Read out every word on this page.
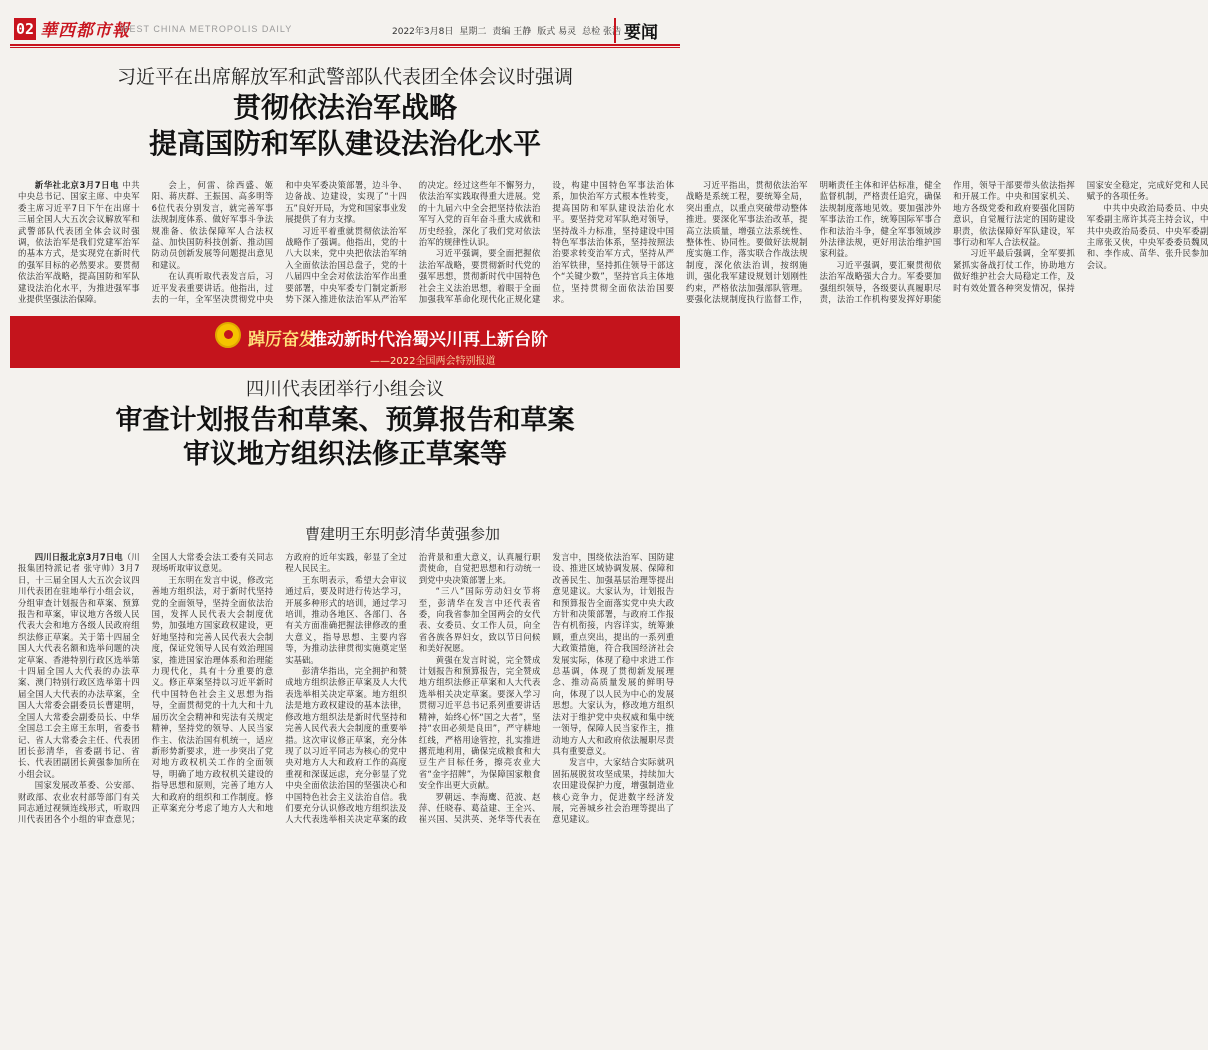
02 華西都市報
WEST CHINA METROPOLIS DAILY	2022年3月8日 星期二 责编 王静 版式 易灵 总检 张浩 要闻
习近平在出席解放军和武警部队代表团全体会议时强调
贯彻依法治军战略
提高国防和军队建设法治化水平

新华社北京3月7日电 中共中央总书记、国家主席、中央军委主席习近平7日下午在出席十三届全国人大五次会议解放军和武警部队代表团全体会议时强调，依法治军是我们党建军治军的基本方式，是实现党在新时代的强军目标的必然要求。要贯彻依法治军战略，提高国防和军队建设法治化水平，为推进强军事业提供坚强法治保障。

会上，何雷、徐西盛、姬阳、蒋庆群、王振国、高多明等6位代表分别发言，就完善军事法规制度体系、做好军事斗争法规准备、依法保障军人合法权益、加快国防科技创新、推动国防动员创新发展等问题提出意见和建议。

在认真听取代表发言后，习近平发表重要讲话。他指出，过去的一年，全军坚决贯彻党中央和中央军委决策部署，边斗争、边备战、边建设，实现了“十四五”良好开局，为党和国家事业发展提供了有力支撑。

习近平着重就贯彻依法治军战略作了强调。他指出，党的十八大以来，党中央把依法治军纳入全面依法治国总盘子，党的十八届四中全会对依法治军作出重要部署，中央军委专门制定新形势下深入推进依法治军从严治军的决定。经过这些年不懈努力，依法治军实践取得重大进展。党的十九届六中全会把坚持依法治军写入党的百年奋斗重大成就和历史经验，深化了我们党对依法治军的规律性认识。

习近平强调，要全面把握依法治军战略，要贯彻新时代党的强军思想，贯彻新时代中国特色社会主义法治思想，着眼于全面加强我军革命化现代化正规化建设，构建中国特色军事法治体系，加快治军方式根本性转变，提高国防和军队建设法治化水平。要坚持党对军队绝对领导，坚持战斗力标准，坚持建设中国特色军事法治体系，坚持按照法治要求转变治军方式，坚持从严治军铁律，坚持抓住领导干部这个“关键少数”，坚持官兵主体地位，坚持贯彻全面依法治国要求。

习近平指出，贯彻依法治军战略是系统工程，要统筹全局，突出重点，以重点突破带动整体推进。要深化军事法治改革，提高立法质量，增强立法系统性、整体性、协同性。要做好法规制度实施工作，落实联合作战法规制度，深化依法治训，按纲施训，强化我军建设规划计划刚性约束，严格依法加强部队管理。要强化法规制度执行监督工作，明晰责任主体和评估标准，健全监督机制，严格责任追究，确保法规制度落地见效。要加强涉外军事法治工作，统筹国际军事合作和法治斗争，健全军事领域涉外法律法规，更好用法治维护国家利益。

习近平强调，要汇聚贯彻依法治军战略强大合力。军委要加强组织领导，各级要认真履职尽责，法治工作机构要发挥好职能作用，领导干部要带头依法指挥和开展工作。中央和国家机关、地方各级党委和政府要强化国防意识，自觉履行法定的国防建设职责，依法保障好军队建设，军事行动和军人合法权益。

习近平最后强调，全军要抓紧抓实备战打仗工作，协助地方做好维护社会大局稳定工作，及时有效处置各种突发情况，保持国家安全稳定，完成好党和人民赋予的各项任务。

中共中央政治局委员、中央军委副主席许其亮主持会议，中共中央政治局委员、中央军委副主席张又侠，中央军委委员魏凤和、李作成、苗华、张升民参加会议。

踔厉奋发
推动新时代治蜀兴川再上新台阶
——2022全国两会特别报道
四川代表团举行小组会议
审查计划报告和草案、预算报告和草案
审议地方组织法修正草案等
曹建明王东明彭清华黄强参加

四川日报北京3月7日电（川报集团特派记者 张守帅）3月7日，十三届全国人大五次会议四川代表团在驻地举行小组会议，分组审查计划报告和草案、预算报告和草案，审议地方各级人民代表大会和地方各级人民政府组织法修正草案。关于第十四届全国人大代表名额和选举问题的决定草案、香港特别行政区选举第十四届全国人大代表的办法草案、澳门特别行政区选举第十四届全国人大代表的办法草案，全国人大常委会副委员长曹建明，全国人大常委会副委员长、中华全国总工会主席王东明，省委书记、省人大常委会主任、代表团团长彭清华，省委副书记、省长、代表团副团长黄强参加所在小组会议。

国家发展改革委、公安部、财政部、农业农村部等部门有关同志通过视频连线形式，听取四川代表团各个小组的审查意见；全国人大常委会法工委有关同志现场听取审议意见。

王东明在发言中说，修改完善地方组织法，对于新时代坚持党的全面领导，坚持全面依法治国，发挥人民代表大会制度优势，加强地方国家政权建设，更好地坚持和完善人民代表大会制度，保证党领导人民有效治理国家，推进国家治理体系和治理能力现代化，具有十分重要的意义。修正草案坚持以习近平新时代中国特色社会主义思想为指导，全面贯彻党的十九大和十九届历次全会精神和宪法有关规定精神，坚持党的领导、人民当家作主、依法治国有机统一，适应新形势新要求，进一步突出了党对地方政权机关工作的全面领导，明确了地方政权机关建设的指导思想和原则，完善了地方人大和政府的组织和工作制度。修正草案充分考虑了地方人大和地方政府的近年实践，彰显了全过程人民民主。

王东明表示，希望大会审议通过后，要及时进行传达学习，开展多种形式的培训，通过学习培训，推动各地区、各部门、各有关方面准确把握法律修改的重大意义，指导思想、主要内容等，为推动法律贯彻实施奠定坚实基础。

彭清华指出，完全拥护和赞成地方组织法修正草案及人大代表选举相关决定草案。地方组织法是地方政权建设的基本法律，修改地方组织法是新时代坚持和完善人民代表大会制度的重要举措。这次审议修正草案，充分体现了以习近平同志为核心的党中央对地方人大和政府工作的高度重视和深谋远虑，充分彰显了党中央全面依法治国的坚强决心和中国特色社会主义法治自信。我们要充分认识修改地方组织法及人大代表选举相关决定草案的政治背景和重大意义，认真履行职责使命，自觉把思想和行动统一到党中央决策部署上来。

“三八”国际劳动妇女节将至，彭清华在发言中还代表省委，向我省参加全国两会的女代表、女委员、女工作人员，向全省各族各界妇女，致以节日问候和美好祝愿。

黄强在发言时说，完全赞成计划报告和预算报告，完全赞成地方组织法修正草案和人大代表选举相关决定草案。要深入学习贯彻习近平总书记系列重要讲话精神，始终心怀“国之大者”，坚持“农田必须是良田”，严守耕地红线，严格用途管控，扎实推进撂荒地利用，确保完成粮食和大豆生产目标任务，擦亮农业大省“金字招牌”，为保障国家粮食安全作出更大贡献。

罗朝远、李海鹰、范波、赵萍、任晓春、葛益建、王全兴、崔兴国、吴洪英、尧华等代表在发言中，围绕依法治军、国防建设、推进区域协调发展、保障和改善民生、加强基层治理等提出意见建议。大家认为，计划报告和预算报告全面落实党中央大政方针和决策部署，与政府工作报告有机衔接，内容详实，统筹兼顾，重点突出，提出的一系列重大政策措施，符合我国经济社会发展实际，体现了稳中求进工作总基调，体现了贯彻新发展理念、推动高质量发展的鲜明导向，体现了以人民为中心的发展思想。大家认为，修改地方组织法对于维护党中央权威和集中统一领导，保障人民当家作主，推动地方人大和政府依法履职尽责具有重要意义。

发言中，大家结合实际就巩固拓展脱贫攻坚成果，持续加大农田建设保护力度，增强制造业核心竞争力，促进数字经济发展，完善城乡社会治理等提出了意见建议。
